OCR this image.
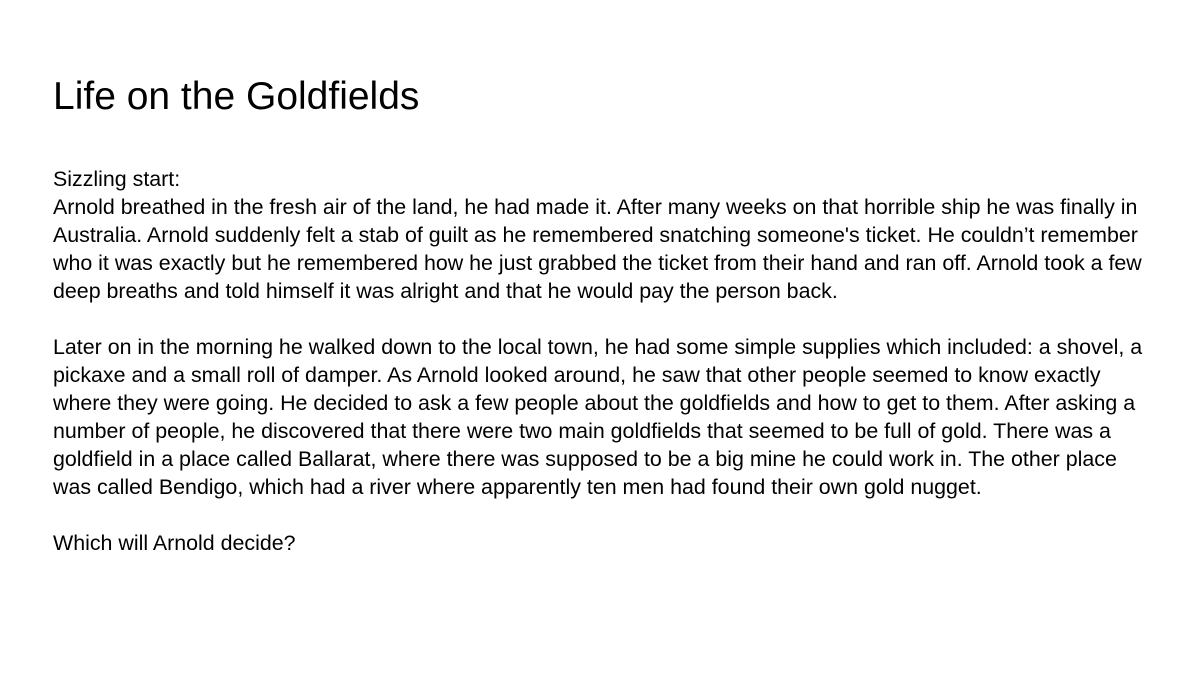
Life on the Goldfields

Sizzling start:

Arnold breathed in the fresh air of the land, he had made it. After many weeks on that horrible ship he was finally in Australia. Arnold suddenly felt a stab of guilt as he remembered snatching someone's ticket. He couldn’t remember who it was exactly but he remembered how he just grabbed the ticket from their hand and ran off. Arnold took a few deep breaths and told himself it was alright and that he would pay the person back.

Later on in the morning he walked down to the local town, he had some simple supplies which included: a shovel, a pickaxe and a small roll of damper. As Arnold looked around, he saw that other people seemed to know exactly where they were going. He decided to ask a few people about the goldfields and how to get to them. After asking a number of people, he discovered that there were two main goldfields that seemed to be full of gold. There was a goldfield in a place called Ballarat, where there was supposed to be a big mine he could work in. The other place was called Bendigo, which had a river where apparently ten men had found their own gold nugget.

Which will Arnold decide?
